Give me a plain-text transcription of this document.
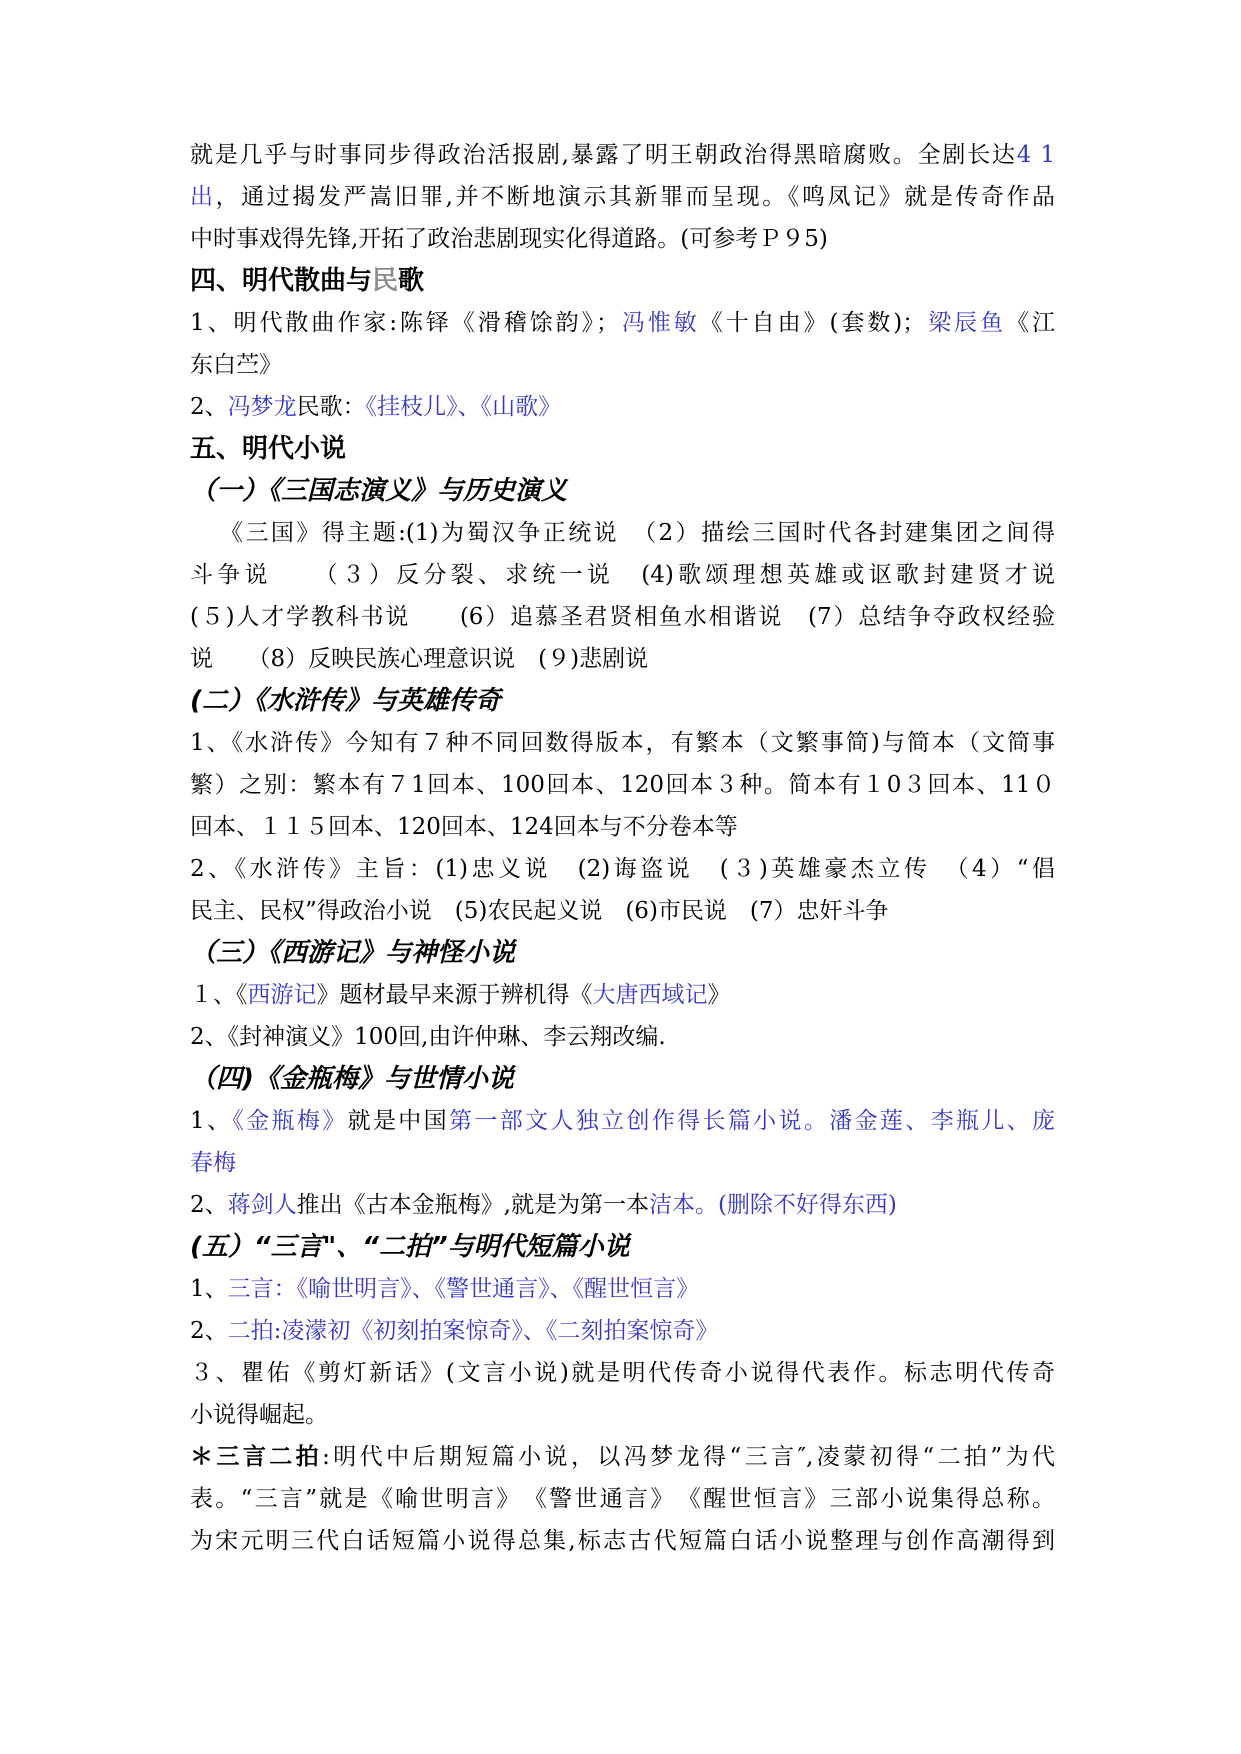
就是几乎与时事同步得政治活报剧,暴露了明王朝政治得黑暗腐败。全剧长达4 1
出，通过揭发严嵩旧罪,并不断地演示其新罪而呈现。《鸣凤记》就是传奇作品
中时事戏得先锋,开拓了政治悲剧现实化得道路。(可参考Ｐ９5)
四、明代散曲与民歌
1、明代散曲作家:陈铎《滑稽馀韵》；冯惟敏《十自由》(套数)；梁辰鱼《江
东白苎》
2、冯梦龙民歌：《挂枝儿》、《山歌》
五、明代小说
（一）《三国志演义》与历史演义
《三国》得主题:(1)为蜀汉争正统说　（2）描绘三国时代各封建集团之间得
斗争说　　（３）反分裂、求统一说　(4)歌颂理想英雄或讴歌封建贤才说
(５)人才学教科书说　　(6）追慕圣君贤相鱼水相谐说　(7）总结争夺政权经验
说　　（8）反映民族心理意识说　(９)悲剧说
(二）《水浒传》与英雄传奇
1、《水浒传》今知有７种不同回数得版本，有繁本（文繁事简)与简本（文简事
繁）之别：繁本有７1回本、100回本、120回本３种。简本有１0３回本、11０
回本、１１５回本、120回本、124回本与不分卷本等
2、《水浒传》主旨：(1)忠义说　(2)诲盗说　(３)英雄豪杰立传　（4）“倡
民主、民权”得政治小说　(5)农民起义说　(6)市民说　(7）忠奸斗争
（三）《西游记》与神怪小说
１、《西游记》题材最早来源于辨机得《大唐西域记》
2、《封神演义》100回,由许仲琳、李云翔改编.
（四)《金瓶梅》与世情小说
1、《金瓶梅》就是中国第一部文人独立创作得长篇小说。潘金莲、李瓶儿、庞
春梅
2、蒋剑人推出《古本金瓶梅》,就是为第一本洁本。(删除不好得东西)
(五）“三言"、“二拍”与明代短篇小说
1、三言：《喻世明言》、《警世通言》、《醒世恒言》
2、二拍:凌濛初《初刻拍案惊奇》、《二刻拍案惊奇》
３、瞿佑《剪灯新话》(文言小说)就是明代传奇小说得代表作。标志明代传奇
小说得崛起。
＊三言二拍:明代中后期短篇小说，以冯梦龙得“三言″,凌蒙初得“二拍”为代
表。“三言”就是《喻世明言》　《警世通言》　《醒世恒言》三部小说集得总称。
为宋元明三代白话短篇小说得总集,标志古代短篇白话小说整理与创作高潮得到
